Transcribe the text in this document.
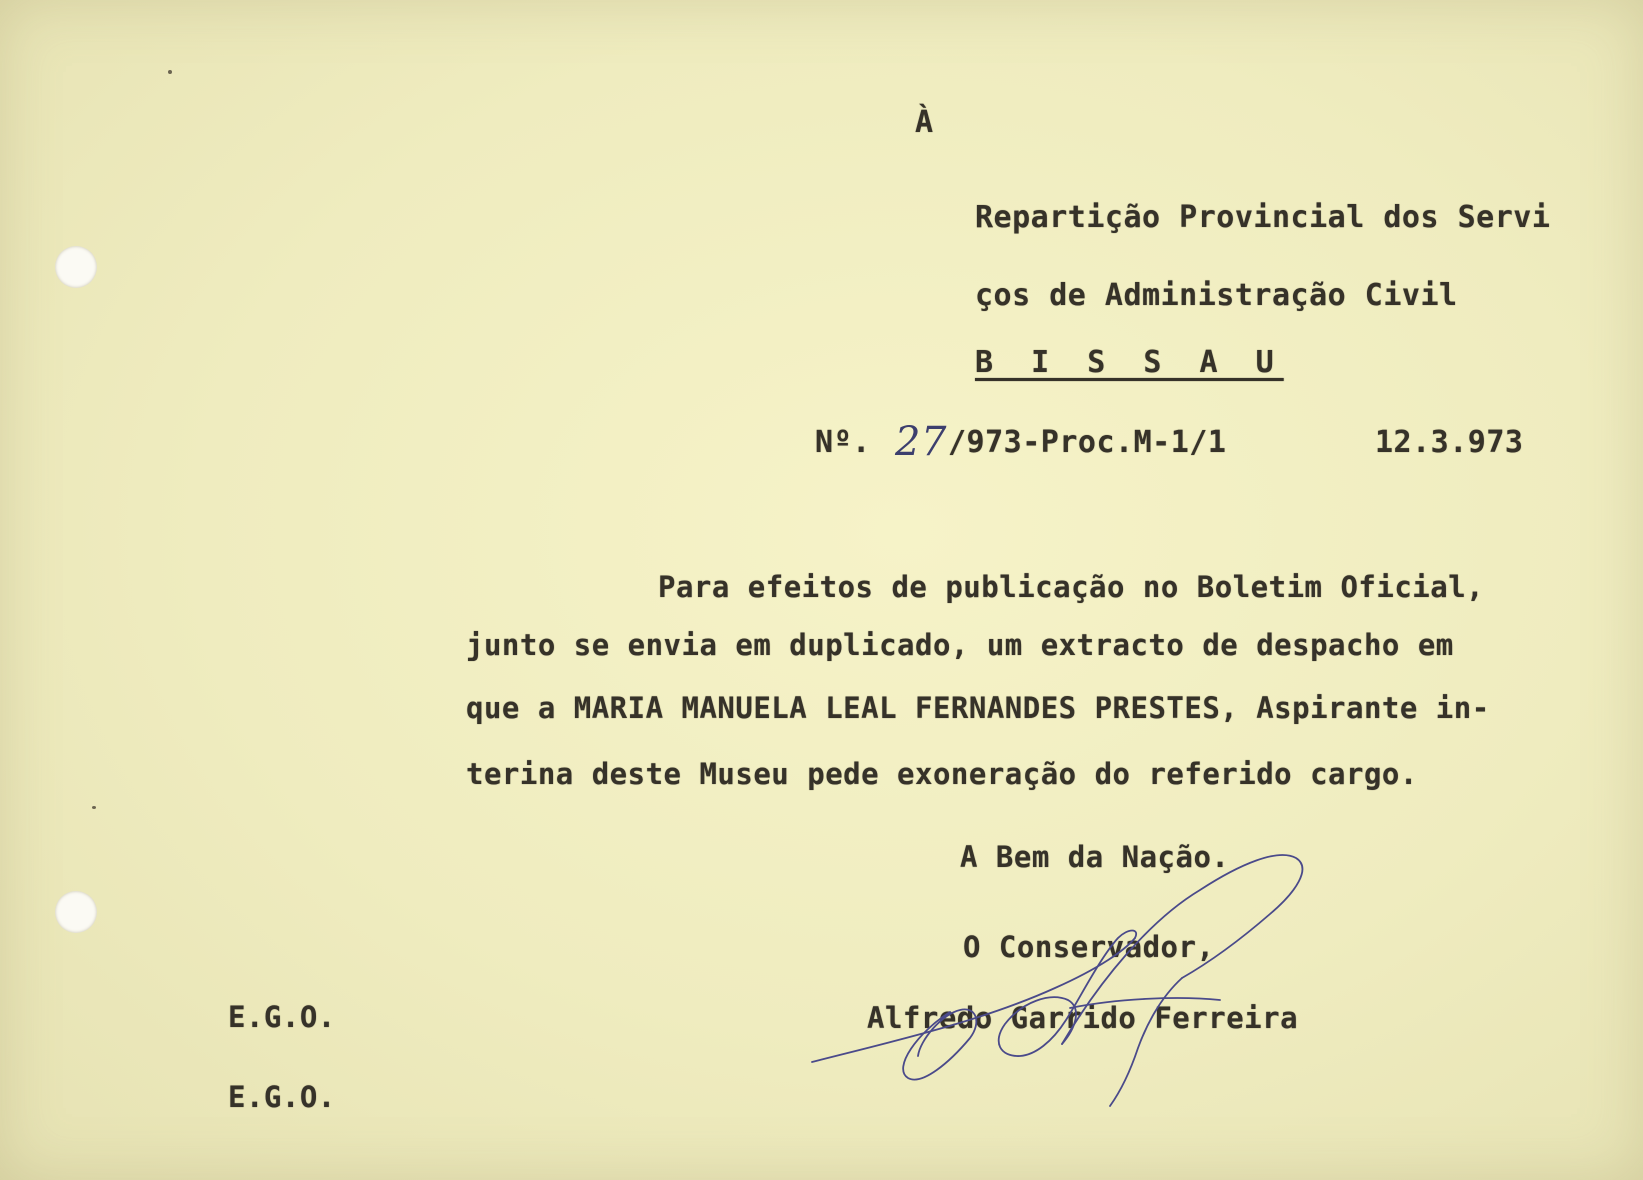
À

Repartição Provincial dos Servi

ços de Administração Civil

B I S S A U

Nº. 27 /973-Proc.M-1/1	12.3.973

Para efeitos de publicação no Boletim Oficial,

junto se envia em duplicado, um extracto de despacho em

que a MARIA MANUELA LEAL FERNANDES PRESTES, Aspirante in-

terina deste Museu pede exoneração do referido cargo.

A Bem da Nação.

O Conservador,

Alfredo Garrido Ferreira

E.G.O.

E.G.O.
